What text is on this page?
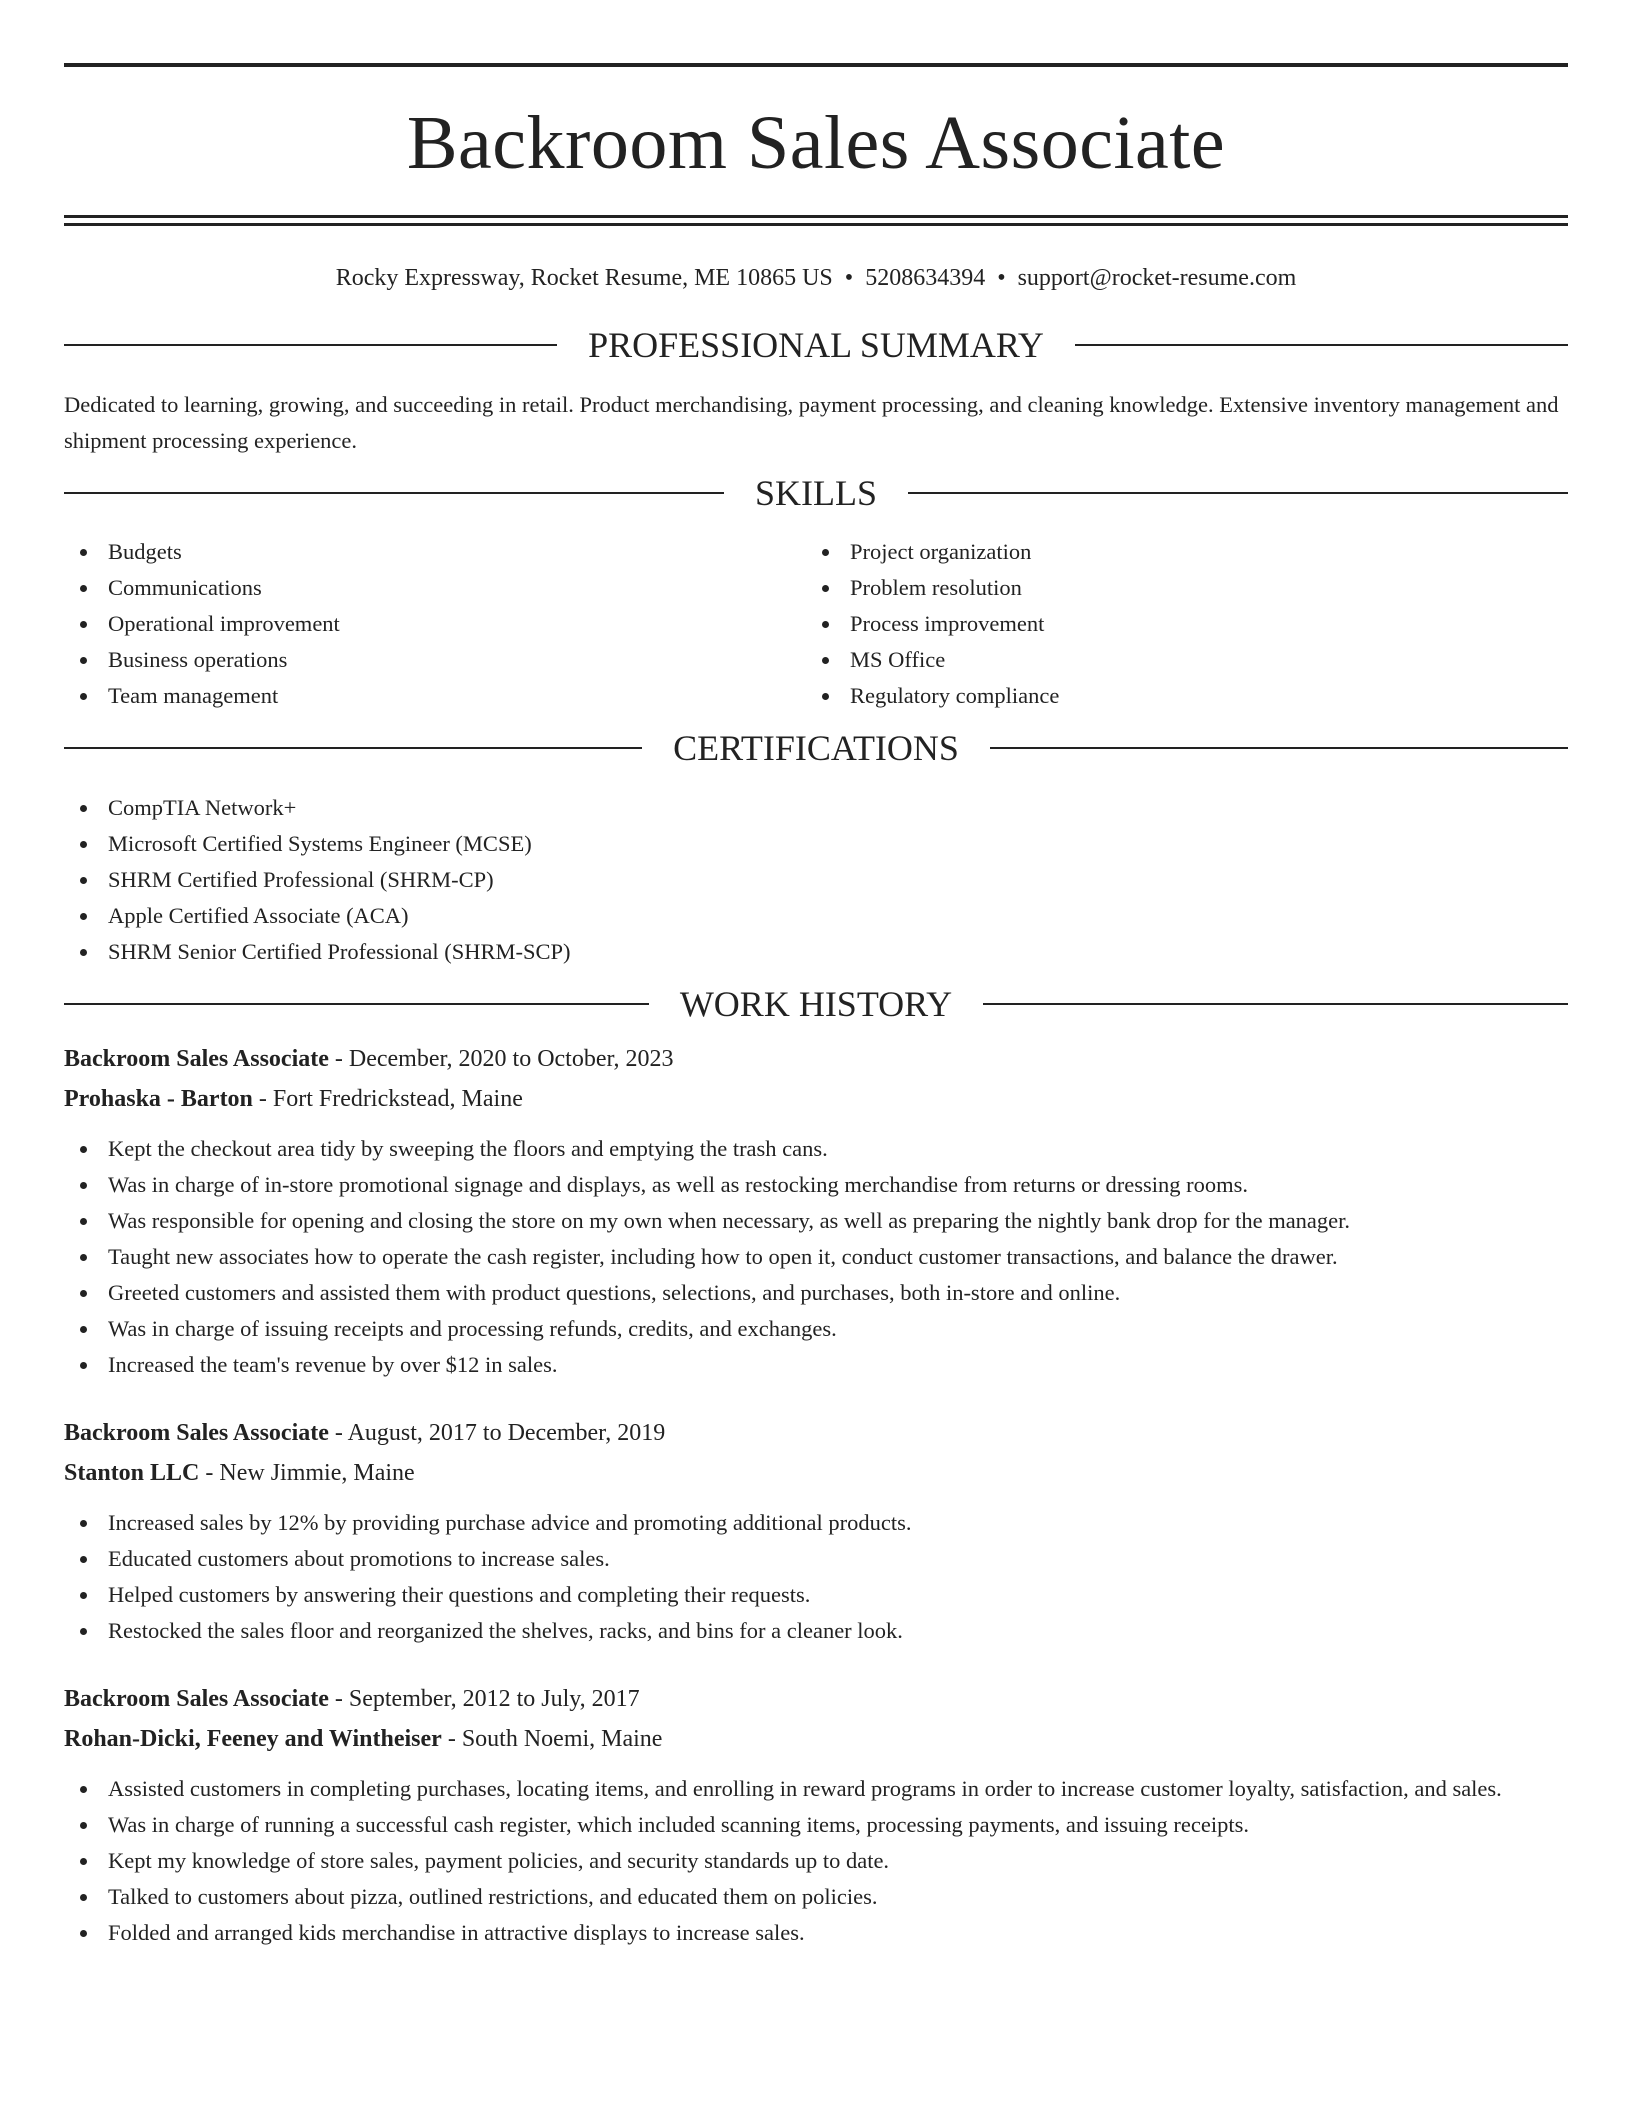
Backroom Sales Associate
Rocky Expressway, Rocket Resume, ME 10865 US • 5208634394 • support@rocket-resume.com
PROFESSIONAL SUMMARY

Dedicated to learning, growing, and succeeding in retail. Product merchandising, payment processing, and cleaning knowledge. Extensive inventory management and shipment processing experience.

SKILLS
Budgets
Communications
Operational improvement
Business operations
Team management
Project organization
Problem resolution
Process improvement
MS Office
Regulatory compliance
CERTIFICATIONS
CompTIA Network+
Microsoft Certified Systems Engineer (MCSE)
SHRM Certified Professional (SHRM-CP)
Apple Certified Associate (ACA)
SHRM Senior Certified Professional (SHRM-SCP)
WORK HISTORY
Backroom Sales Associate - December, 2020 to October, 2023
Prohaska - Barton - Fort Fredrickstead, Maine
Kept the checkout area tidy by sweeping the floors and emptying the trash cans.
Was in charge of in-store promotional signage and displays, as well as restocking merchandise from returns or dressing rooms.
Was responsible for opening and closing the store on my own when necessary, as well as preparing the nightly bank drop for the manager.
Taught new associates how to operate the cash register, including how to open it, conduct customer transactions, and balance the drawer.
Greeted customers and assisted them with product questions, selections, and purchases, both in-store and online.
Was in charge of issuing receipts and processing refunds, credits, and exchanges.
Increased the team's revenue by over $12 in sales.
Backroom Sales Associate - August, 2017 to December, 2019
Stanton LLC - New Jimmie, Maine
Increased sales by 12% by providing purchase advice and promoting additional products.
Educated customers about promotions to increase sales.
Helped customers by answering their questions and completing their requests.
Restocked the sales floor and reorganized the shelves, racks, and bins for a cleaner look.
Backroom Sales Associate - September, 2012 to July, 2017
Rohan-Dicki, Feeney and Wintheiser - South Noemi, Maine
Assisted customers in completing purchases, locating items, and enrolling in reward programs in order to increase customer loyalty, satisfaction, and sales.
Was in charge of running a successful cash register, which included scanning items, processing payments, and issuing receipts.
Kept my knowledge of store sales, payment policies, and security standards up to date.
Talked to customers about pizza, outlined restrictions, and educated them on policies.
Folded and arranged kids merchandise in attractive displays to increase sales.
